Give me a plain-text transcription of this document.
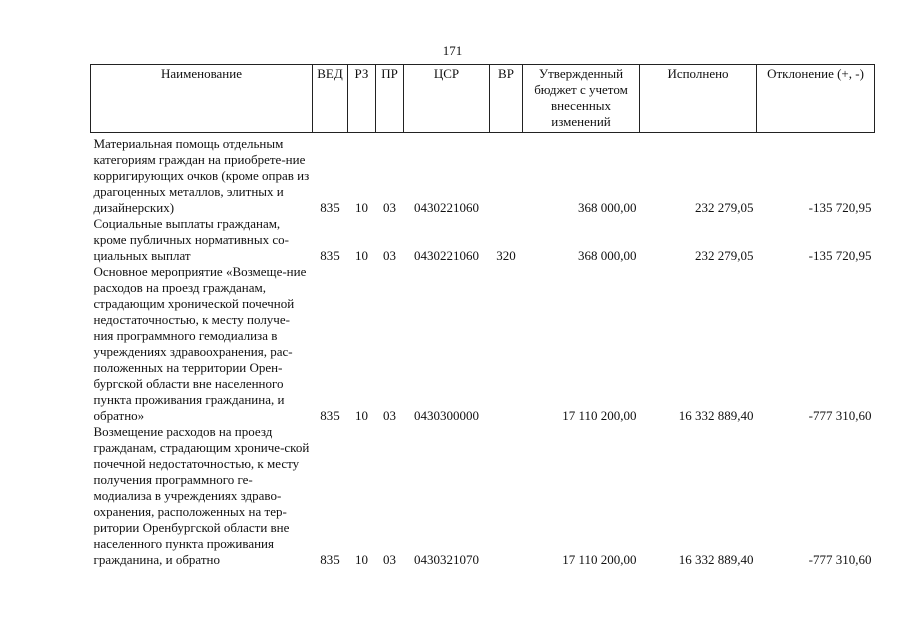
171
Наименование	ВЕД	РЗ	ПР	ЦСР	ВР	Утвержденный бюджет с учетом внесенных изменений	Исполнено	Отклонение (+, -)

Материальная помощь отдельным категориям граждан на приобрете-ние корригирующих очков (кроме оправ из драгоценных металлов, элитных и дизайнерских)	835	10	03	0430221060		368 000,00	232 279,05	-135 720,95
Социальные выплаты гражданам, кроме публичных нормативных со-циальных выплат	835	10	03	0430221060	320	368 000,00	232 279,05	-135 720,95
Основное мероприятие «Возмеще-ние расходов на проезд гражданам, страдающим хронической почечной недостаточностью, к месту получе-ния программного гемодиализа в учреждениях здравоохранения, рас-положенных на территории Орен-бургской области вне населенного пункта проживания гражданина, и обратно»	835	10	03	0430300000		17 110 200,00	16 332 889,40	-777 310,60
Возмещение расходов на проезд гражданам, страдающим хрониче-ской почечной недостаточностью, к месту получения программного ге-модиализа в учреждениях здраво-охранения, расположенных на тер-ритории Оренбургской области вне населенного пункта проживания гражданина, и обратно	835	10	03	0430321070		17 110 200,00	16 332 889,40	-777 310,60
